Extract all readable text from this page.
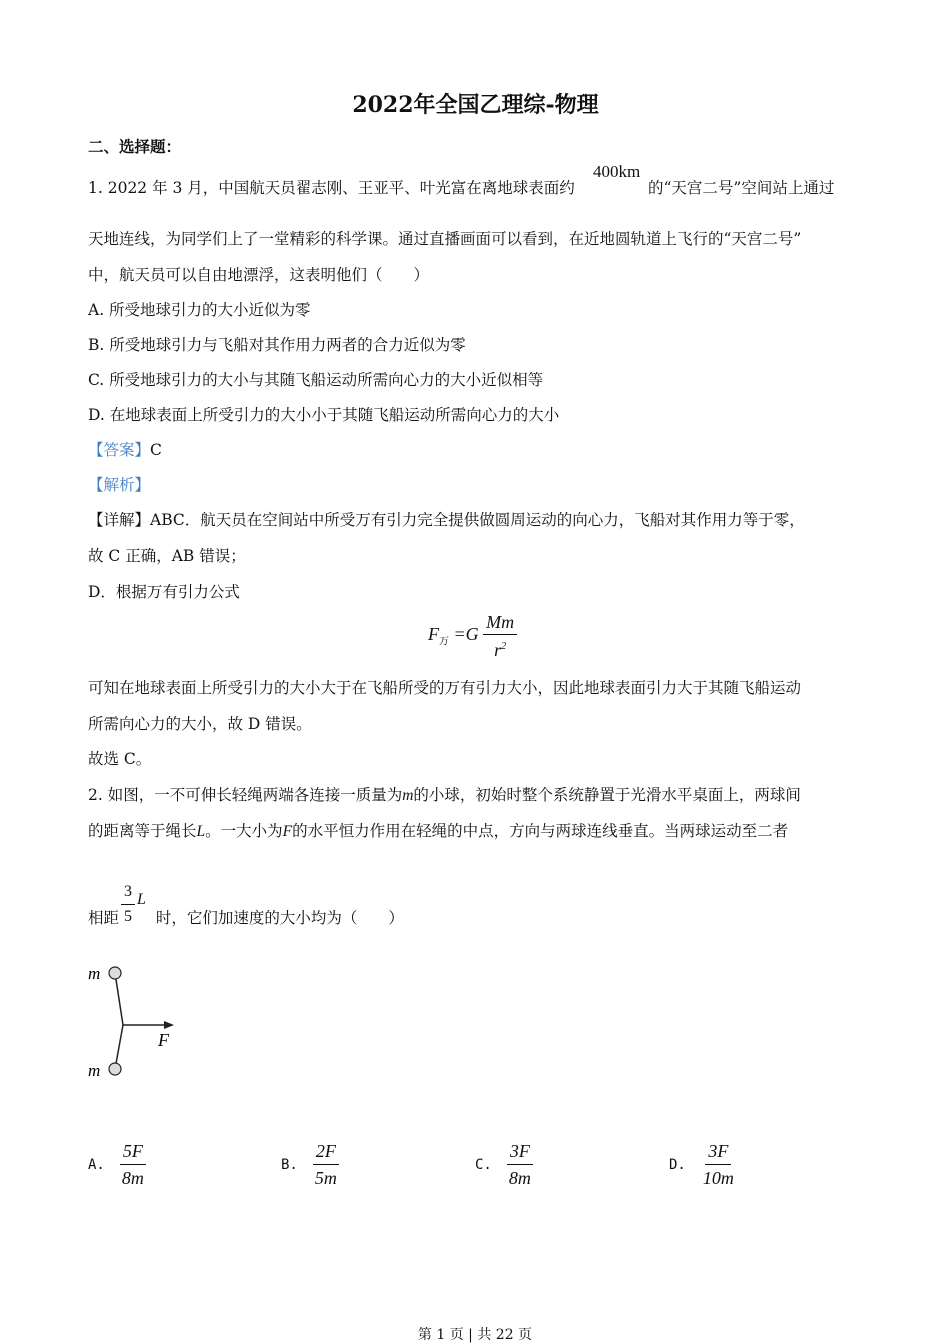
2022年全国乙理综-物理
二、选择题：
1. 2022 年 3 月，中国航天员翟志刚、王亚平、叶光富在离地球表面约
400km
的“天宫二号”空间站上通过
天地连线，为同学们上了一堂精彩的科学课。通过直播画面可以看到，在近地圆轨道上飞行的“天宫二号”
中，航天员可以自由地漂浮，这表明他们（　　）
A. 所受地球引力的大小近似为零
B. 所受地球引力与飞船对其作用力两者的合力近似为零
C. 所受地球引力的大小与其随飞船运动所需向心力的大小近似相等
D. 在地球表面上所受引力的大小小于其随飞船运动所需向心力的大小
【答案】C
【解析】
【详解】ABC．航天员在空间站中所受万有引力完全提供做圆周运动的向心力，飞船对其作用力等于零，
故 C 正确，AB 错误；
D．根据万有引力公式
$F_万 =G \frac{Mm}{r^2}$
可知在地球表面上所受引力的大小大于在飞船所受的万有引力大小，因此地球表面引力大于其随飞船运动
所需向心力的大小，故 D 错误。
故选 C。
2. 如图，一不可伸长轻绳两端各连接一质量为m的小球，初始时整个系统静置于光滑水平桌面上，两球间
的距离等于绳长L。一大小为F的水平恒力作用在轻绳的中点，方向与两球连线垂直。当两球运动至二者
相距 $\frac{3}{5}$ L
时，它们加速度的大小均为（　　）
m
m
F
A. $\frac{5F}{8m}$	B. $\frac{2F}{5m}$	C. $\frac{3F}{8m}$	D. $\frac{3F}{10m}$
第 1 页 | 共 22 页
